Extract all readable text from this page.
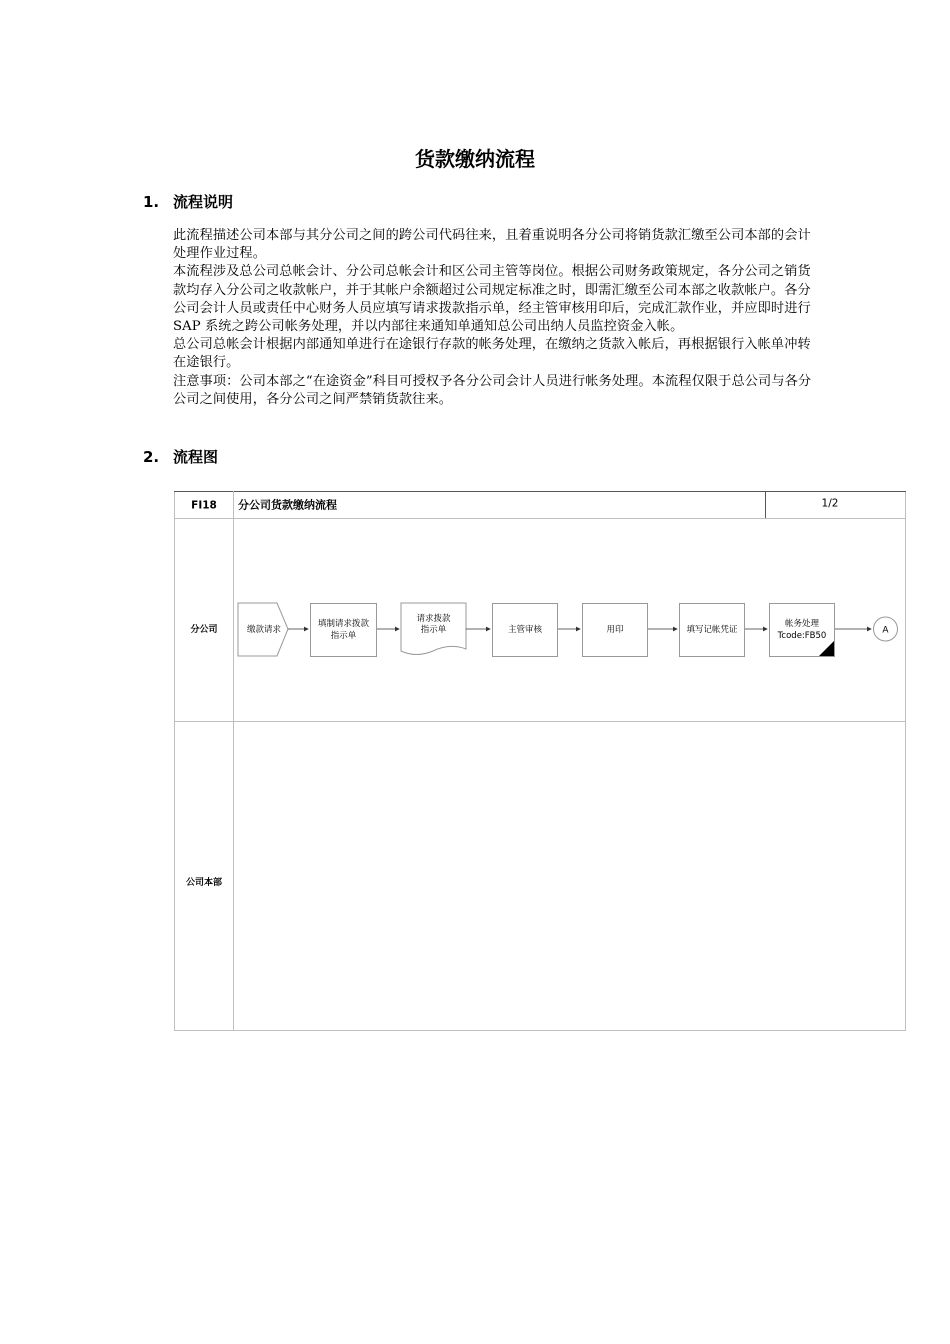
货款缴纳流程
1. 流程说明

此流程描述公司本部与其分公司之间的跨公司代码往来，且着重说明各分公司将销货款汇缴至公司本部的会计处理作业过程。

本流程涉及总公司总帐会计、分公司总帐会计和区公司主管等岗位。根据公司财务政策规定，各分公司之销货款均存入分公司之收款帐户，并于其帐户余额超过公司规定标准之时，即需汇缴至公司本部之收款帐户。各分公司会计人员或责任中心财务人员应填写请求拨款指示单，经主管审核用印后，完成汇款作业，并应即时进行 SAP 系统之跨公司帐务处理，并以内部往来通知单通知总公司出纳人员监控资金入帐。

总公司总帐会计根据内部通知单进行在途银行存款的帐务处理，在缴纳之货款入帐后，再根据银行入帐单冲转在途银行。

注意事项：公司本部之“在途资金”科目可授权予各分公司会计人员进行帐务处理。本流程仅限于总公司与各分公司之间使用，各分公司之间严禁销货款往来。

2. 流程图
FI18 分公司货款缴纳流程	1/2
分公司
公司本部
缴款请求
填制请求拨款
指示单
请求拨款
指示单	主管审核	用印	填写记帐凭证
帐务处理
Tcode:FB50
A
